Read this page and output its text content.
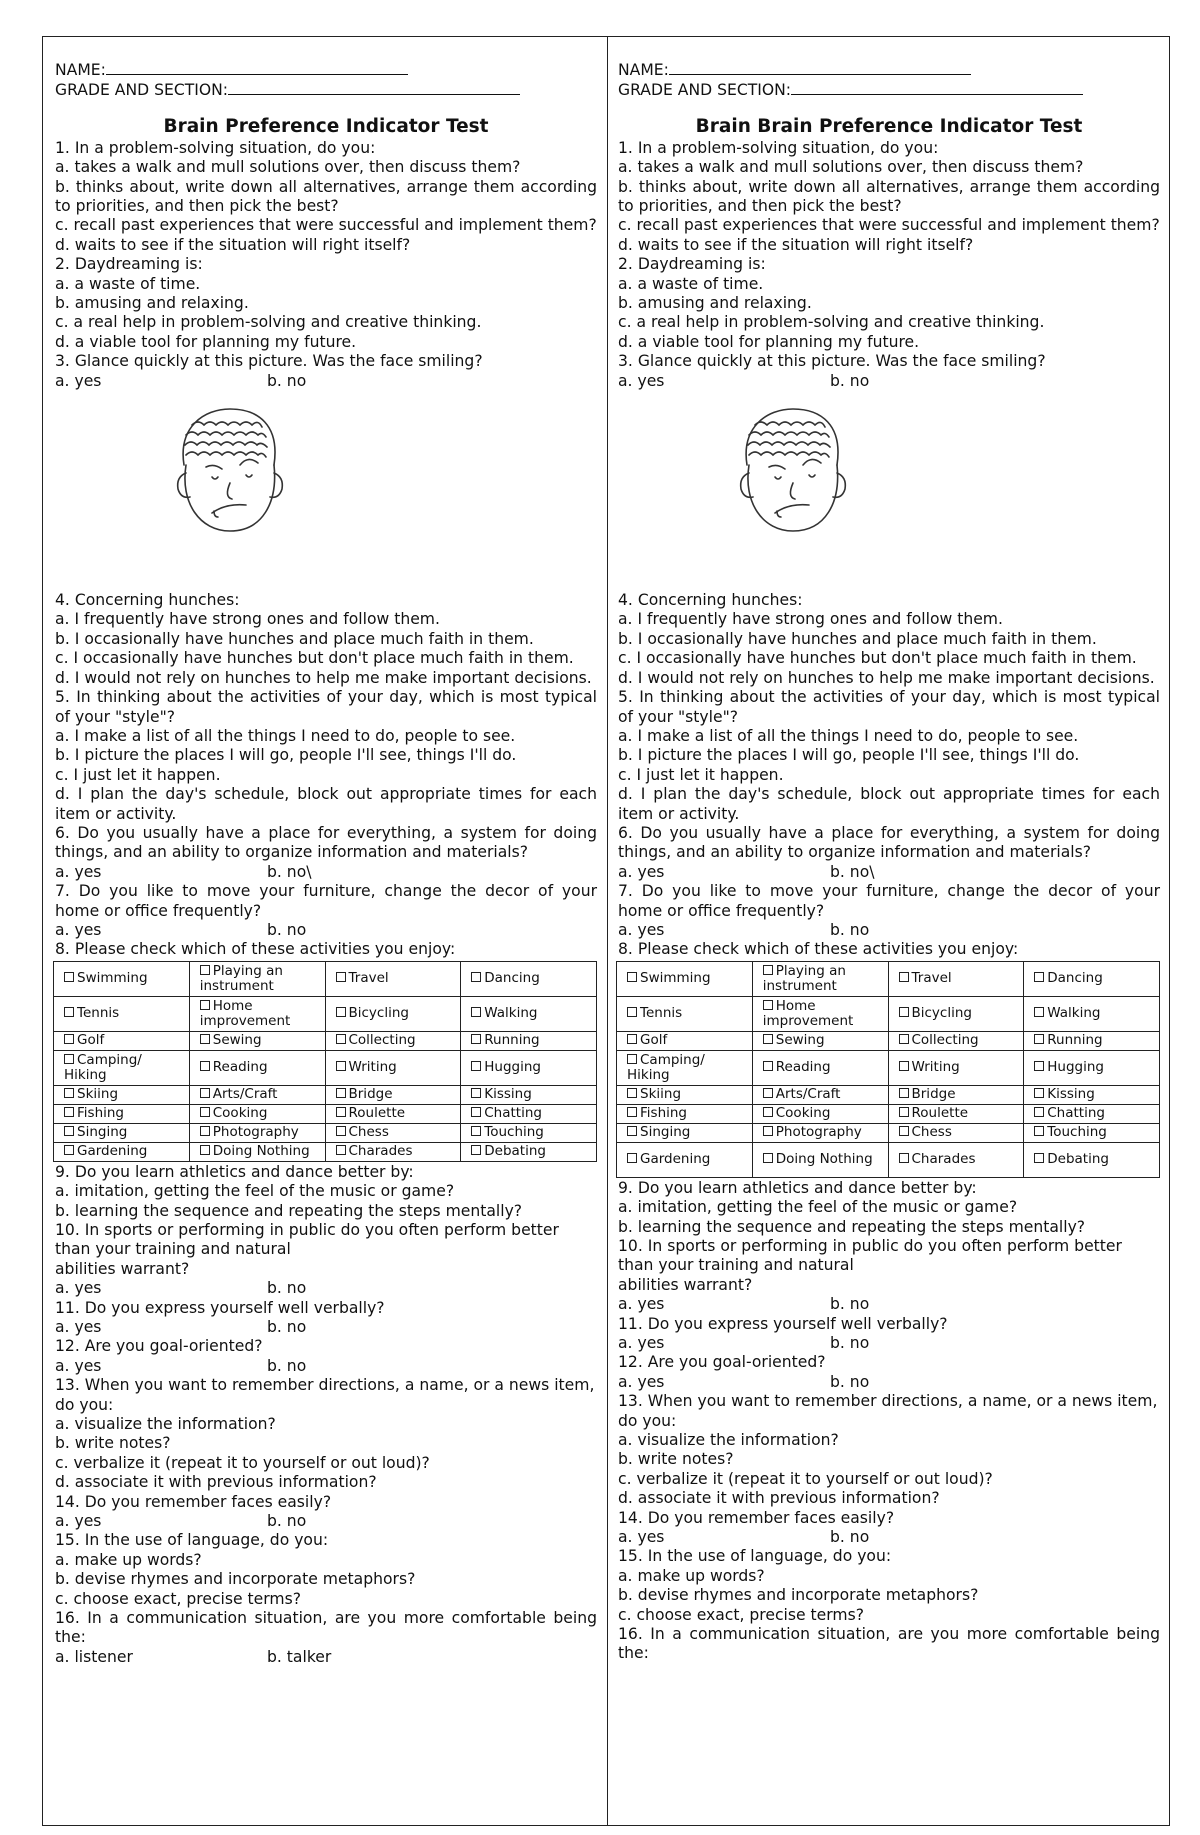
NAME:
GRADE AND SECTION:
Brain Preference Indicator Test
1. In a problem-solving situation, do you:
a. takes a walk and mull solutions over, then discuss them?
b. thinks about, write down all alternatives, arrange them according to priorities, and then pick the best?
c. recall past experiences that were successful and implement them?
d. waits to see if the situation will right itself?
2. Daydreaming is:
a. a waste of time.
b. amusing and relaxing.
c. a real help in problem-solving and creative thinking.
d. a viable tool for planning my future.
3. Glance quickly at this picture. Was the face smiling?
a. yes	b. no
4. Concerning hunches:
a. I frequently have strong ones and follow them.
b. I occasionally have hunches and place much faith in them.
c. I occasionally have hunches but don't place much faith in them.
d. I would not rely on hunches to help me make important decisions.
5. In thinking about the activities of your day, which is most typical of your "style"?
a. I make a list of all the things I need to do, people to see.
b. I picture the places I will go, people I'll see, things I'll do.
c. I just let it happen.
d. I plan the day's schedule, block out appropriate times for each item or activity.
6. Do you usually have a place for everything, a system for doing things, and an ability to organize information and materials?
a. yes	b. no\
7. Do you like to move your furniture, change the decor of your home or office frequently?
a. yes	b. no
8. Please check which of these activities you enjoy:
Swimming	Playing an instrument	Travel	Dancing
Tennis	Home improvement	Bicycling	Walking
Golf	Sewing	Collecting	Running
Camping/ Hiking	Reading	Writing	Hugging
Skiing	Arts/Craft	Bridge	Kissing
Fishing	Cooking	Roulette	Chatting
Singing	Photography	Chess	Touching
Gardening	Doing Nothing	Charades	Debating
9. Do you learn athletics and dance better by:
a. imitation, getting the feel of the music or game?
b. learning the sequence and repeating the steps mentally?
10. In sports or performing in public do you often perform better than your training and natural
abilities warrant?
a. yes	b. no
11. Do you express yourself well verbally?
a. yes	b. no
12. Are you goal-oriented?
a. yes	b. no
13. When you want to remember directions, a name, or a news item, do you:
a. visualize the information?
b. write notes?
c. verbalize it (repeat it to yourself or out loud)?
d. associate it with previous information?
14. Do you remember faces easily?
a. yes	b. no
15. In the use of language, do you:
a. make up words?
b. devise rhymes and incorporate metaphors?
c. choose exact, precise terms?
16. In a communication situation, are you more comfortable being the:
a. listener	b. talker
NAME:
GRADE AND SECTION:
Brain Brain Preference Indicator Test
1. In a problem-solving situation, do you:
a. takes a walk and mull solutions over, then discuss them?
b. thinks about, write down all alternatives, arrange them according to priorities, and then pick the best?
c. recall past experiences that were successful and implement them?
d. waits to see if the situation will right itself?
2. Daydreaming is:
a. a waste of time.
b. amusing and relaxing.
c. a real help in problem-solving and creative thinking.
d. a viable tool for planning my future.
3. Glance quickly at this picture. Was the face smiling?
a. yes	b. no
4. Concerning hunches:
a. I frequently have strong ones and follow them.
b. I occasionally have hunches and place much faith in them.
c. I occasionally have hunches but don't place much faith in them.
d. I would not rely on hunches to help me make important decisions.
5. In thinking about the activities of your day, which is most typical of your "style"?
a. I make a list of all the things I need to do, people to see.
b. I picture the places I will go, people I'll see, things I'll do.
c. I just let it happen.
d. I plan the day's schedule, block out appropriate times for each item or activity.
6. Do you usually have a place for everything, a system for doing things, and an ability to organize information and materials?
a. yes	b. no\
7. Do you like to move your furniture, change the decor of your home or office frequently?
a. yes	b. no
8. Please check which of these activities you enjoy:
Swimming	Playing an instrument	Travel	Dancing
Tennis	Home improvement	Bicycling	Walking
Golf	Sewing	Collecting	Running
Camping/ Hiking	Reading	Writing	Hugging
Skiing	Arts/Craft	Bridge	Kissing
Fishing	Cooking	Roulette	Chatting
Singing	Photography	Chess	Touching
Gardening	Doing Nothing	Charades	Debating
9. Do you learn athletics and dance better by:
a. imitation, getting the feel of the music or game?
b. learning the sequence and repeating the steps mentally?
10. In sports or performing in public do you often perform better than your training and natural
abilities warrant?
a. yes	b. no
11. Do you express yourself well verbally?
a. yes	b. no
12. Are you goal-oriented?
a. yes	b. no
13. When you want to remember directions, a name, or a news item, do you:
a. visualize the information?
b. write notes?
c. verbalize it (repeat it to yourself or out loud)?
d. associate it with previous information?
14. Do you remember faces easily?
a. yes	b. no
15. In the use of language, do you:
a. make up words?
b. devise rhymes and incorporate metaphors?
c. choose exact, precise terms?
16. In a communication situation, are you more comfortable being the:
